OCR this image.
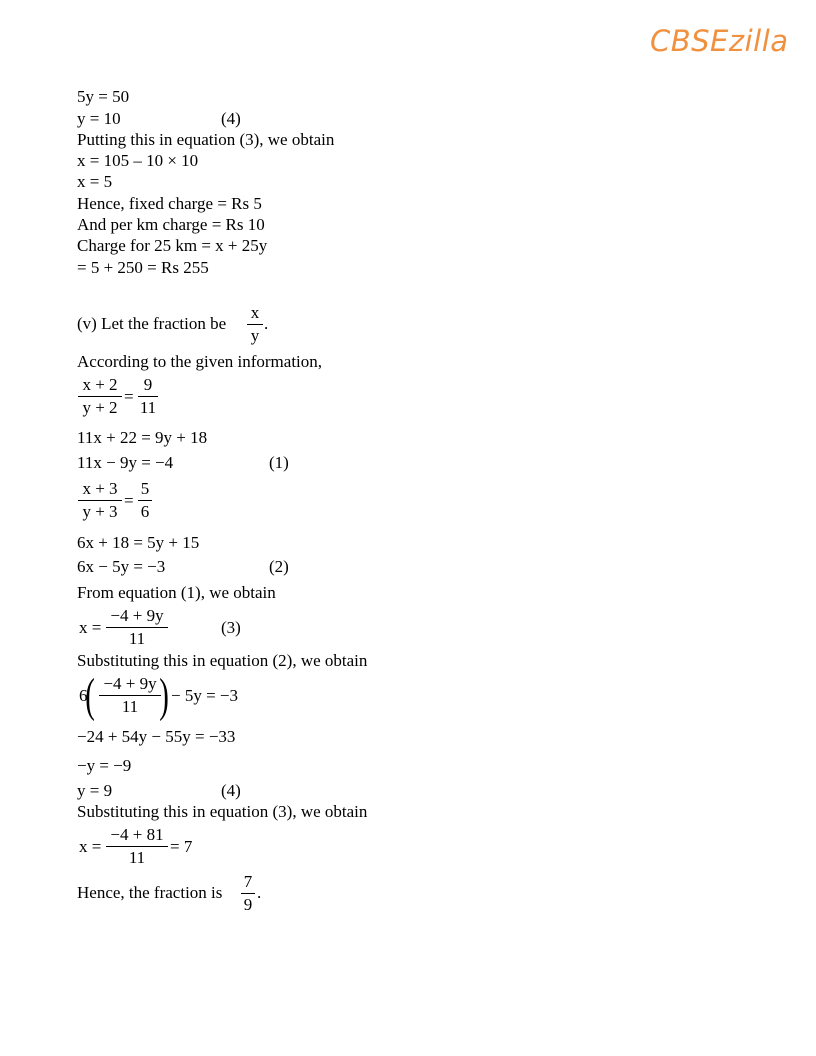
CBSEzilla
5y = 50
y = 10	(4)
Putting this in equation (3), we obtain
x = 105 – 10 × 10
x = 5
Hence, fixed charge = Rs 5
And per km charge = Rs 10
Charge for 25 km = x + 25y
= 5 + 250 = Rs 255
(v) Let the fraction be
x
y
.
According to the given information,
x + 2
y + 2
=
9
11
11x + 22 = 9y + 18
11x − 9y = −4	(1)
x + 3
y + 3
=
5
6
6x + 18 = 5y + 15
6x − 5y = −3	(2)
From equation (1), we obtain
x =
−4 + 9y
11
(3)
Substituting this in equation (2), we obtain
6
( −4 + 9y
11 ) − 5y = −3
−24 + 54y − 55y = −33
−y = −9
y = 9	(4)
Substituting this in equation (3), we obtain
x =
−4 + 81
11
= 7
Hence, the fraction is
7
9
.
